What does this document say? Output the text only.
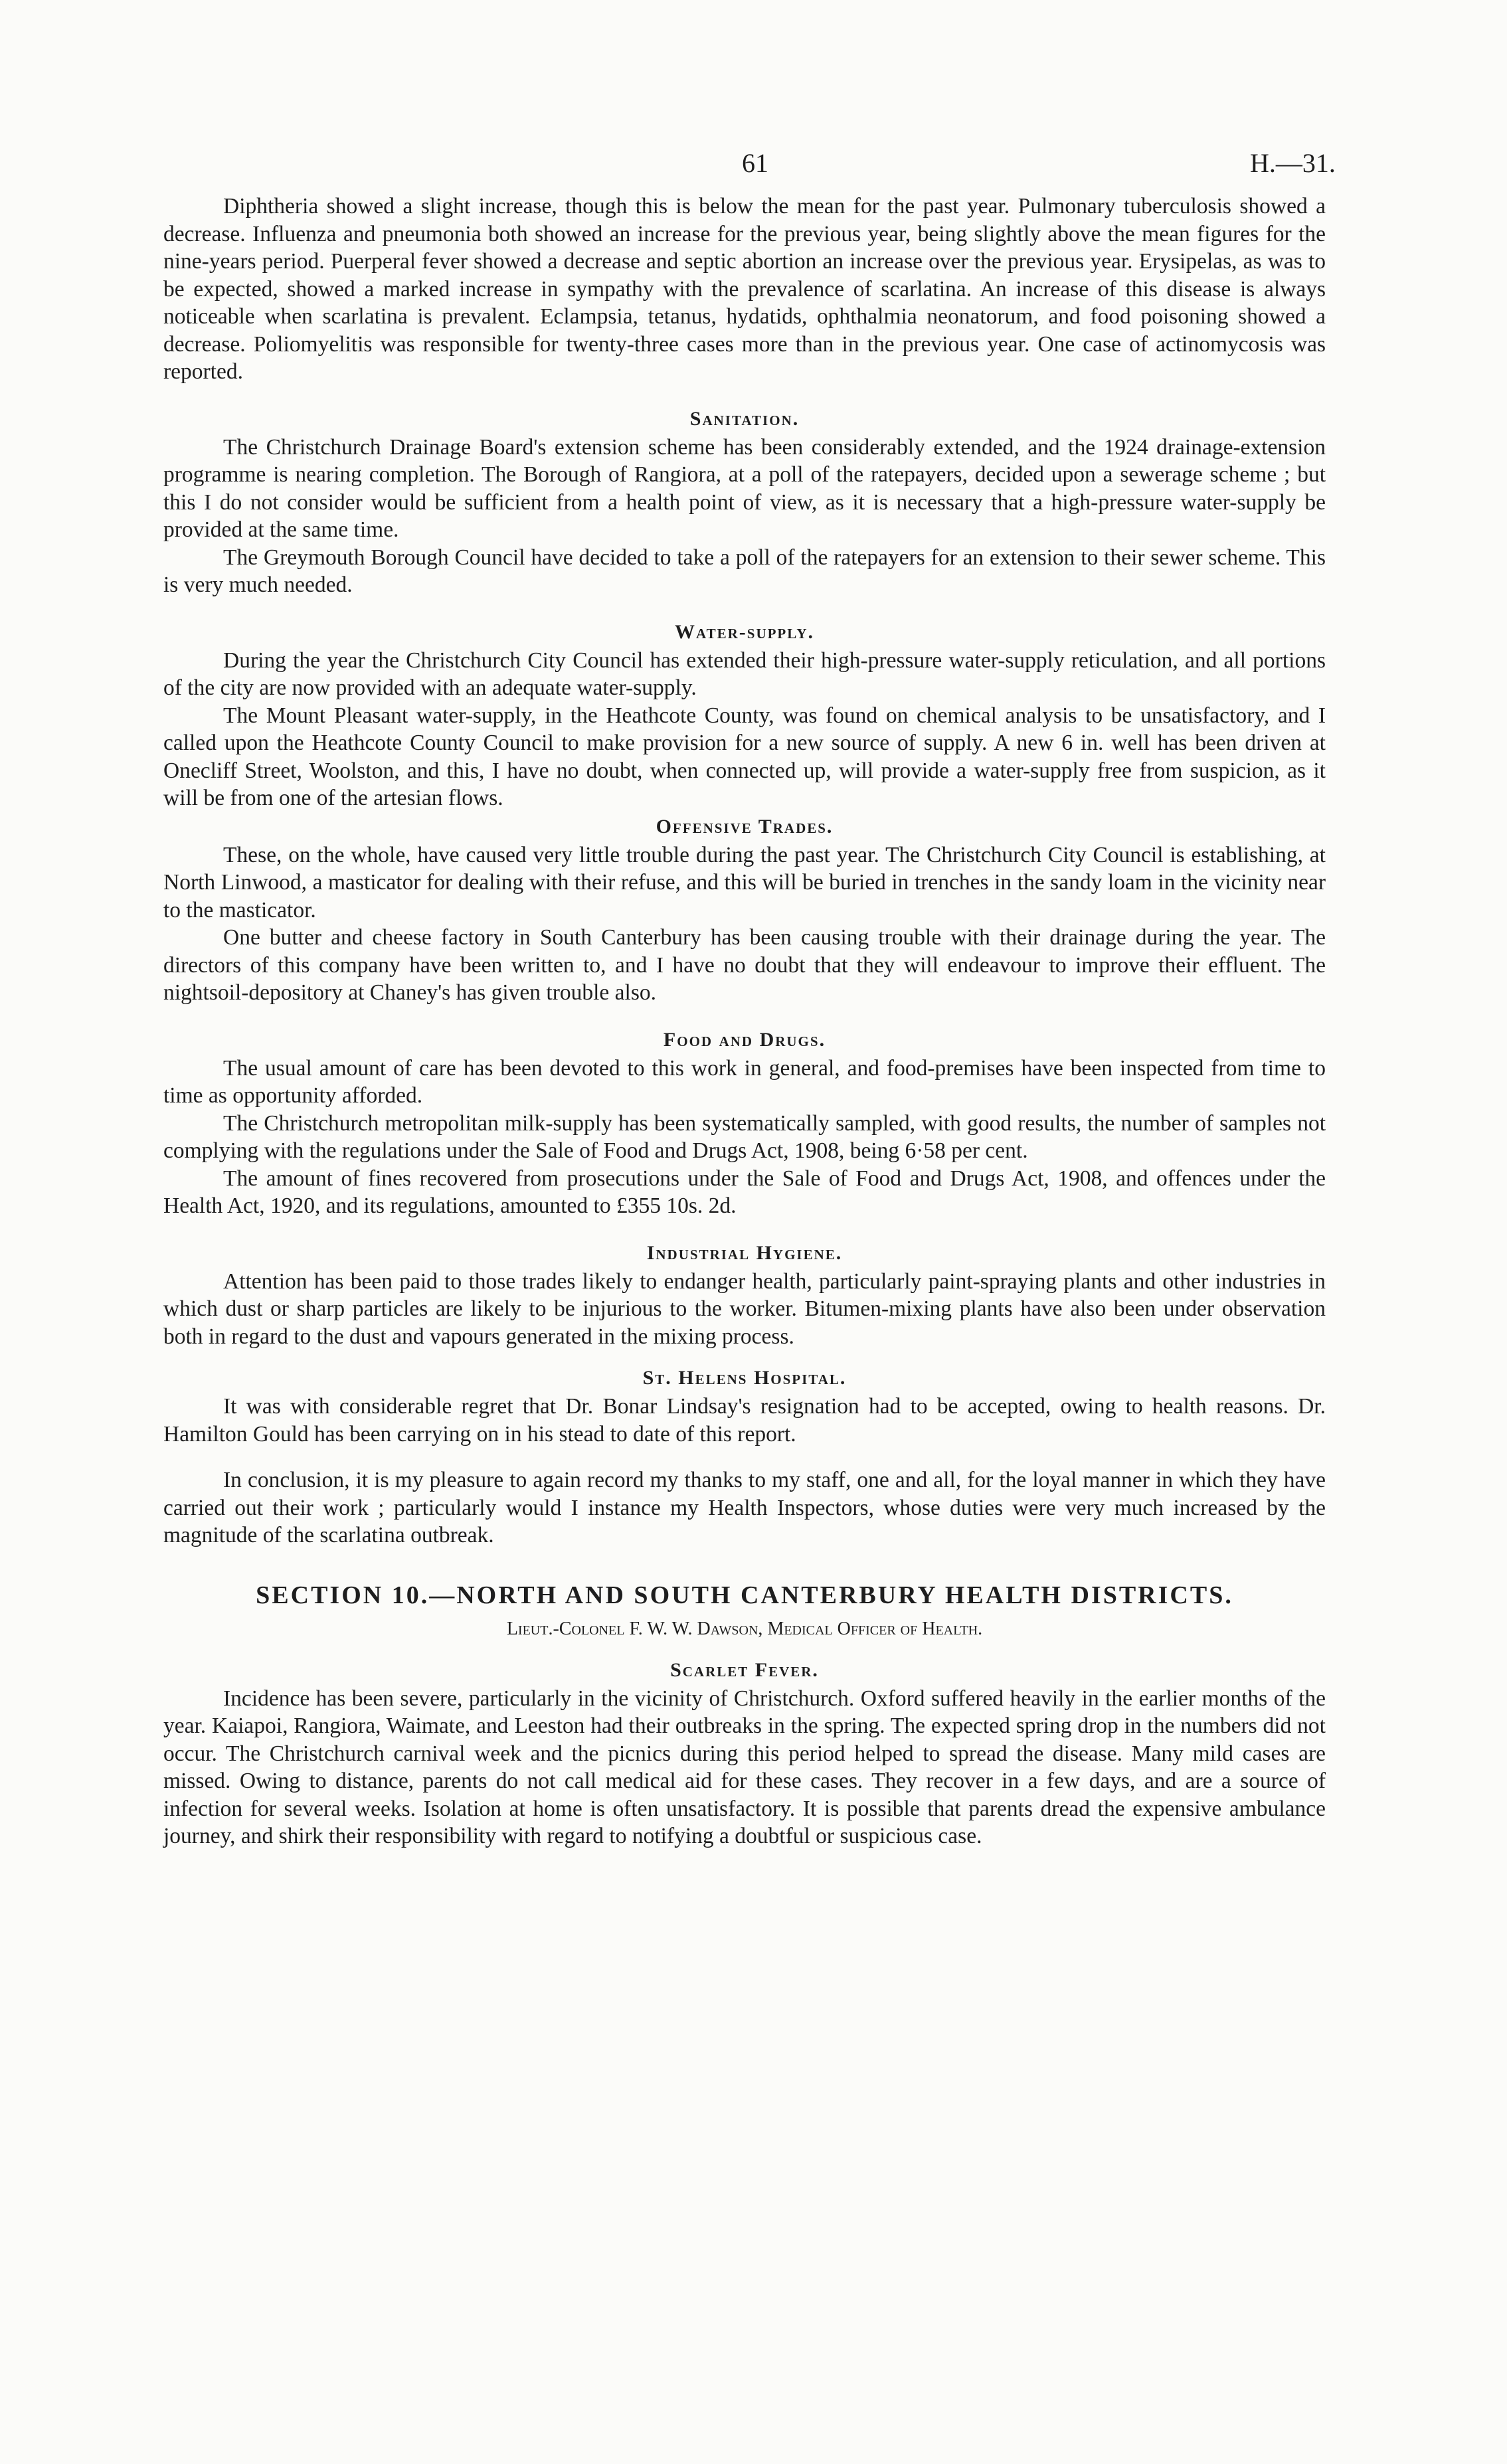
61	H.—31.

Diphtheria showed a slight increase, though this is below the mean for the past year. Pulmonary tuberculosis showed a decrease. Influenza and pneumonia both showed an increase for the previous year, being slightly above the mean figures for the nine-years period. Puerperal fever showed a decrease and septic abortion an increase over the previous year. Erysipelas, as was to be expected, showed a marked increase in sympathy with the prevalence of scarlatina. An increase of this disease is always noticeable when scarlatina is prevalent. Eclampsia, tetanus, hydatids, ophthalmia neonatorum, and food poisoning showed a decrease. Poliomyelitis was responsible for twenty-three cases more than in the previous year. One case of actinomycosis was reported.

Sanitation.

The Christchurch Drainage Board's extension scheme has been considerably extended, and the 1924 drainage-extension programme is nearing completion. The Borough of Rangiora, at a poll of the ratepayers, decided upon a sewerage scheme ; but this I do not consider would be sufficient from a health point of view, as it is necessary that a high-pressure water-supply be provided at the same time.

The Greymouth Borough Council have decided to take a poll of the ratepayers for an extension to their sewer scheme. This is very much needed.

Water-supply.

During the year the Christchurch City Council has extended their high-pressure water-supply reticulation, and all portions of the city are now provided with an adequate water-supply.

The Mount Pleasant water-supply, in the Heathcote County, was found on chemical analysis to be unsatisfactory, and I called upon the Heathcote County Council to make provision for a new source of supply. A new 6 in. well has been driven at Onecliff Street, Woolston, and this, I have no doubt, when connected up, will provide a water-supply free from suspicion, as it will be from one of the artesian flows.

Offensive Trades.

These, on the whole, have caused very little trouble during the past year. The Christchurch City Council is establishing, at North Linwood, a masticator for dealing with their refuse, and this will be buried in trenches in the sandy loam in the vicinity near to the masticator.

One butter and cheese factory in South Canterbury has been causing trouble with their drainage during the year. The directors of this company have been written to, and I have no doubt that they will endeavour to improve their effluent. The nightsoil-depository at Chaney's has given trouble also.

Food and Drugs.

The usual amount of care has been devoted to this work in general, and food-premises have been inspected from time to time as opportunity afforded.

The Christchurch metropolitan milk-supply has been systematically sampled, with good results, the number of samples not complying with the regulations under the Sale of Food and Drugs Act, 1908, being 6·58 per cent.

The amount of fines recovered from prosecutions under the Sale of Food and Drugs Act, 1908, and offences under the Health Act, 1920, and its regulations, amounted to £355 10s. 2d.

Industrial Hygiene.

Attention has been paid to those trades likely to endanger health, particularly paint-spraying plants and other industries in which dust or sharp particles are likely to be injurious to the worker. Bitumen-mixing plants have also been under observation both in regard to the dust and vapours generated in the mixing process.

St. Helens Hospital.

It was with considerable regret that Dr. Bonar Lindsay's resignation had to be accepted, owing to health reasons. Dr. Hamilton Gould has been carrying on in his stead to date of this report.

In conclusion, it is my pleasure to again record my thanks to my staff, one and all, for the loyal manner in which they have carried out their work ; particularly would I instance my Health Inspectors, whose duties were very much increased by the magnitude of the scarlatina outbreak.

SECTION 10.—NORTH AND SOUTH CANTERBURY HEALTH DISTRICTS.
Lieut.-Colonel F. W. W. Dawson, Medical Officer of Health.
Scarlet Fever.

Incidence has been severe, particularly in the vicinity of Christchurch. Oxford suffered heavily in the earlier months of the year. Kaiapoi, Rangiora, Waimate, and Leeston had their outbreaks in the spring. The expected spring drop in the numbers did not occur. The Christchurch carnival week and the picnics during this period helped to spread the disease. Many mild cases are missed. Owing to distance, parents do not call medical aid for these cases. They recover in a few days, and are a source of infection for several weeks. Isolation at home is often unsatisfactory. It is possible that parents dread the expensive ambulance journey, and shirk their responsibility with regard to notifying a doubtful or suspicious case.
